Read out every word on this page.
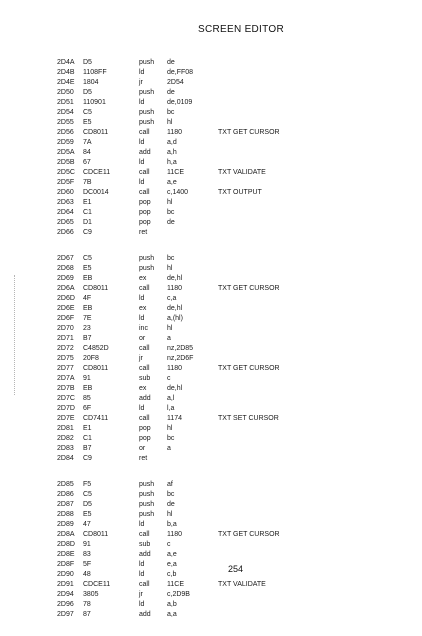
SCREEN EDITOR
2D4A D5	push de
2D4B 1108FF	ld	de,FF08
2D4E 1804	jr	2D54
2D50 D5	push de
2D51 110901	ld	de,0109
2D54 C5	push bc
2D55 E5	push hl
2D56 CD8011	call 1180	TXT GET CURSOR
2D59 7A	ld	a,d
2D5A 84	add a,h
2D5B 67	ld	h,a
2D5C CDCE11	call 11CE	TXT VALIDATE
2D5F 7B	ld	a,e
2D60 DC0014	call c,1400	TXT OUTPUT
2D63 E1	pop hl
2D64 C1	pop bc
2D65 D1	pop de
2D66 C9	ret
2D67 C5	push bc
2D68 E5	push hl
2D69 EB	ex	de,hl
2D6A CD8011	call 1180	TXT GET CURSOR
2D6D 4F	ld	c,a
2D6E EB	ex	de,hl
2D6F 7E	ld	a,(hl)
2D70 23	inc	hl
2D71 B7	or	a
2D72 C4852D	call nz,2D85
2D75 20F8	jr	nz,2D6F
2D77 CD8011	call 1180	TXT GET CURSOR
2D7A 91	sub c
2D7B EB	ex	de,hl
2D7C 85	add a,l
2D7D 6F	ld	l,a
2D7E CD7411	call 1174	TXT SET CURSOR
2D81 E1	pop hl
2D82 C1	pop bc
2D83 B7	or	a
2D84 C9	ret
2D85 F5	push af
2D86 C5	push bc
2D87 D5	push de
2D88 E5	push hl
2D89 47	ld	b,a
2D8A CD8011	call 1180	TXT GET CURSOR
2D8D 91	sub c
2D8E 83	add a,e
2D8F 5F	ld	e,a
2D90 48	ld	c,b
2D91 CDCE11	call 11CE	TXT VALIDATE
2D94 3805	jr	c,2D9B
2D96 78	ld	a,b
2D97 87	add a,a
254
